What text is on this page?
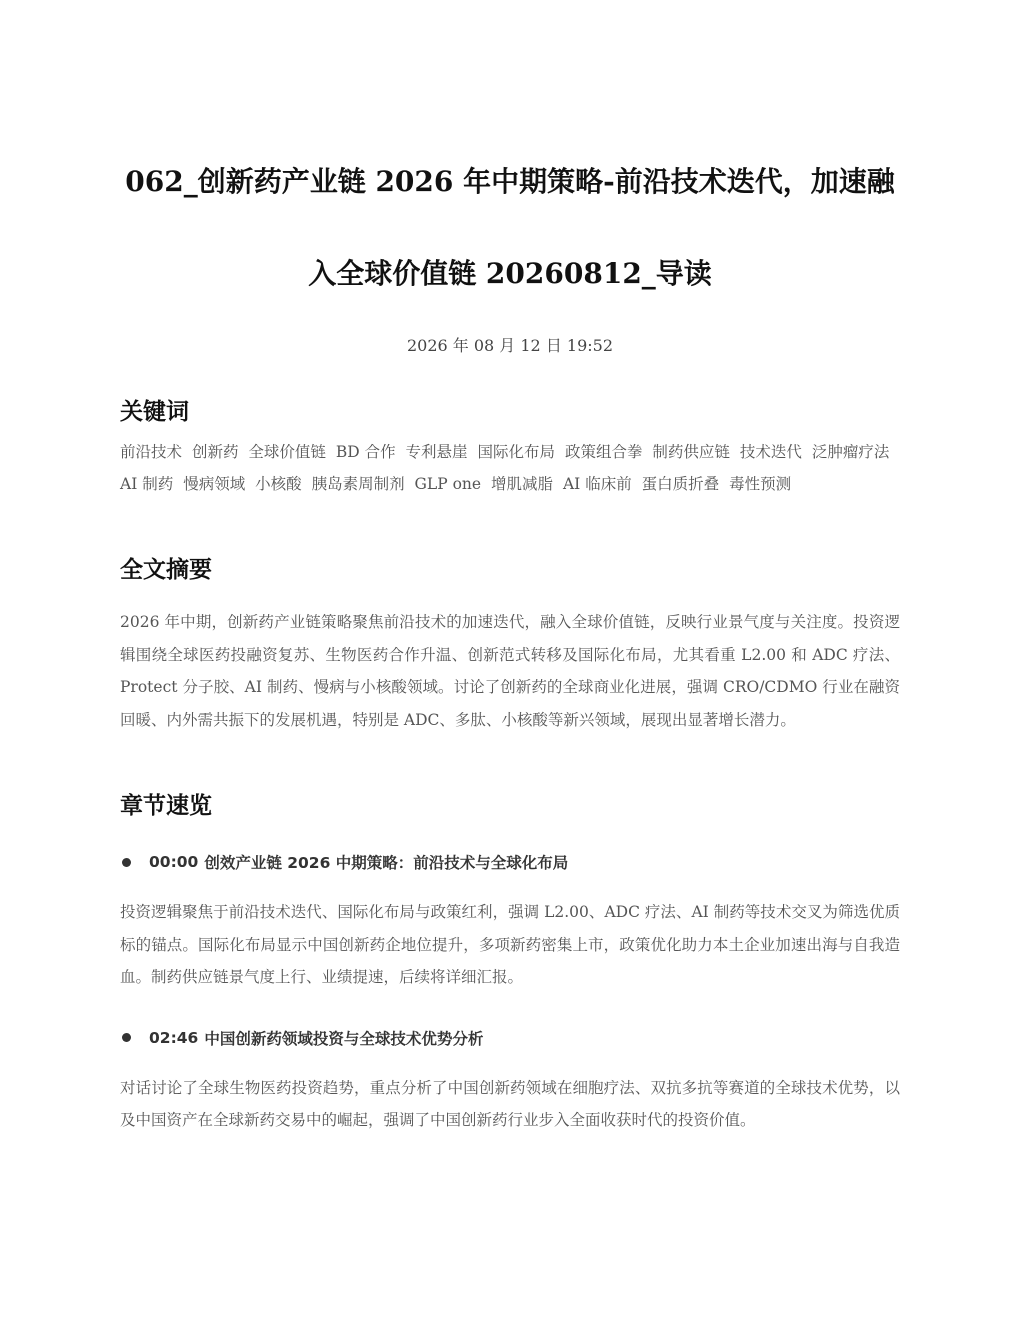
062_创新药产业链 2026 年中期策略-前沿技术迭代，加速融
入全球价值链 20260812_导读
2026 年 08 月 12 日 19:52
关键词
前沿技术 创新药 全球价值链 BD 合作 专利悬崖 国际化布局 政策组合拳 制药供应链 技术迭代 泛肿瘤疗法 AI 制药 慢病领域 小核酸 胰岛素周制剂 GLP one 增肌减脂 AI 临床前 蛋白质折叠 毒性预测
全文摘要

2026 年中期，创新药产业链策略聚焦前沿技术的加速迭代，融入全球价值链，反映行业景气度与关注度。投资逻辑围绕全球医药投融资复苏、生物医药合作升温、创新范式转移及国际化布局，尤其看重 L2.00 和 ADC 疗法、Protect 分子胶、AI 制药、慢病与小核酸领域。讨论了创新药的全球商业化进展，强调 CRO/CDMO 行业在融资回暖、内外需共振下的发展机遇，特别是 ADC、多肽、小核酸等新兴领域，展现出显著增长潜力。

章节速览
00:00 创效产业链 2026 中期策略：前沿技术与全球化布局

投资逻辑聚焦于前沿技术迭代、国际化布局与政策红利，强调 L2.00、ADC 疗法、AI 制药等技术交叉为筛选优质标的锚点。国际化布局显示中国创新药企地位提升，多项新药密集上市，政策优化助力本土企业加速出海与自我造血。制药供应链景气度上行、业绩提速，后续将详细汇报。

02:46 中国创新药领域投资与全球技术优势分析

对话讨论了全球生物医药投资趋势，重点分析了中国创新药领域在细胞疗法、双抗多抗等赛道的全球技术优势，以及中国资产在全球新药交易中的崛起，强调了中国创新药行业步入全面收获时代的投资价值。
